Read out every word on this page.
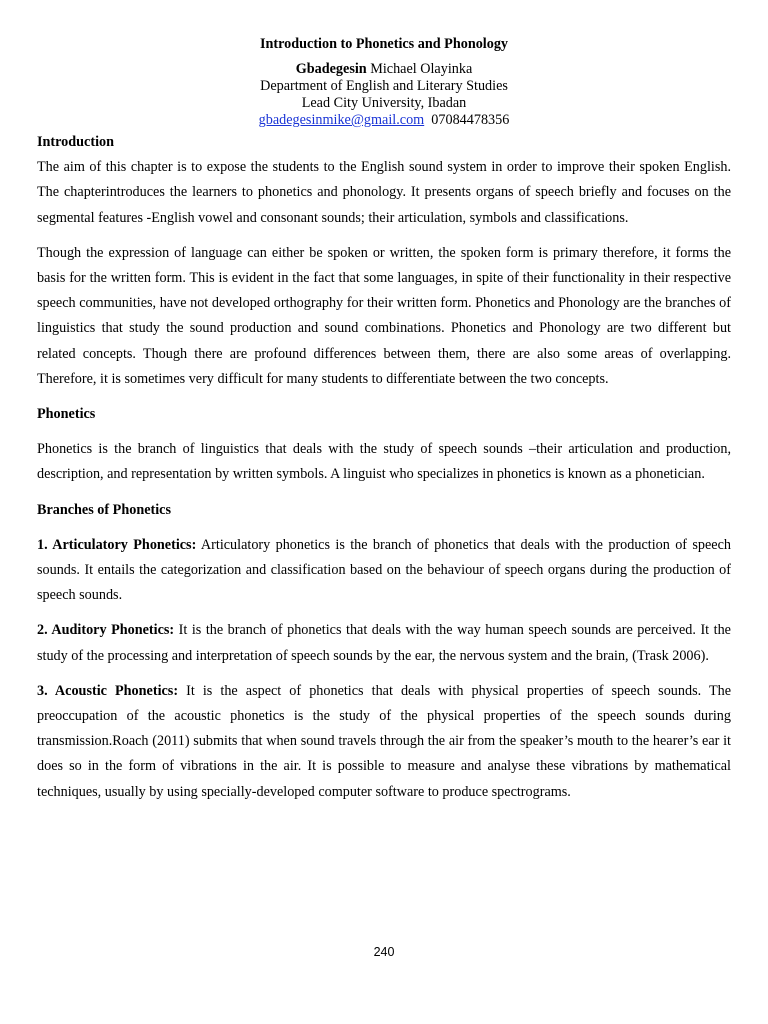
Introduction to Phonetics and Phonology
Gbadegesin Michael Olayinka
Department of English and Literary Studies
Lead City University, Ibadan
gbadegesinmike@gmail.com 07084478356
Introduction

The aim of this chapter is to expose the students to the English sound system in order to improve their spoken English. The chapterintroduces the learners to phonetics and phonology. It presents organs of speech briefly and focuses on the segmental features -English vowel and consonant sounds; their articulation, symbols and classifications.

Though the expression of language can either be spoken or written, the spoken form is primary therefore, it forms the basis for the written form. This is evident in the fact that some languages, in spite of their functionality in their respective speech communities, have not developed orthography for their written form. Phonetics and Phonology are the branches of linguistics that study the sound production and sound combinations. Phonetics and Phonology are two different but related concepts. Though there are profound differences between them, there are also some areas of overlapping. Therefore, it is sometimes very difficult for many students to differentiate between the two concepts.

Phonetics

Phonetics is the branch of linguistics that deals with the study of speech sounds –their articulation and production, description, and representation by written symbols. A linguist who specializes in phonetics is known as a phonetician.

Branches of Phonetics

1. Articulatory Phonetics: Articulatory phonetics is the branch of phonetics that deals with the production of speech sounds. It entails the categorization and classification based on the behaviour of speech organs during the production of speech sounds.

2. Auditory Phonetics: It is the branch of phonetics that deals with the way human speech sounds are perceived. It the study of the processing and interpretation of speech sounds by the ear, the nervous system and the brain, (Trask 2006).

3. Acoustic Phonetics: It is the aspect of phonetics that deals with physical properties of speech sounds. The preoccupation of the acoustic phonetics is the study of the physical properties of the speech sounds during transmission.Roach (2011) submits that when sound travels through the air from the speaker’s mouth to the hearer’s ear it does so in the form of vibrations in the air. It is possible to measure and analyse these vibrations by mathematical techniques, usually by using specially-developed computer software to produce spectrograms.

240
